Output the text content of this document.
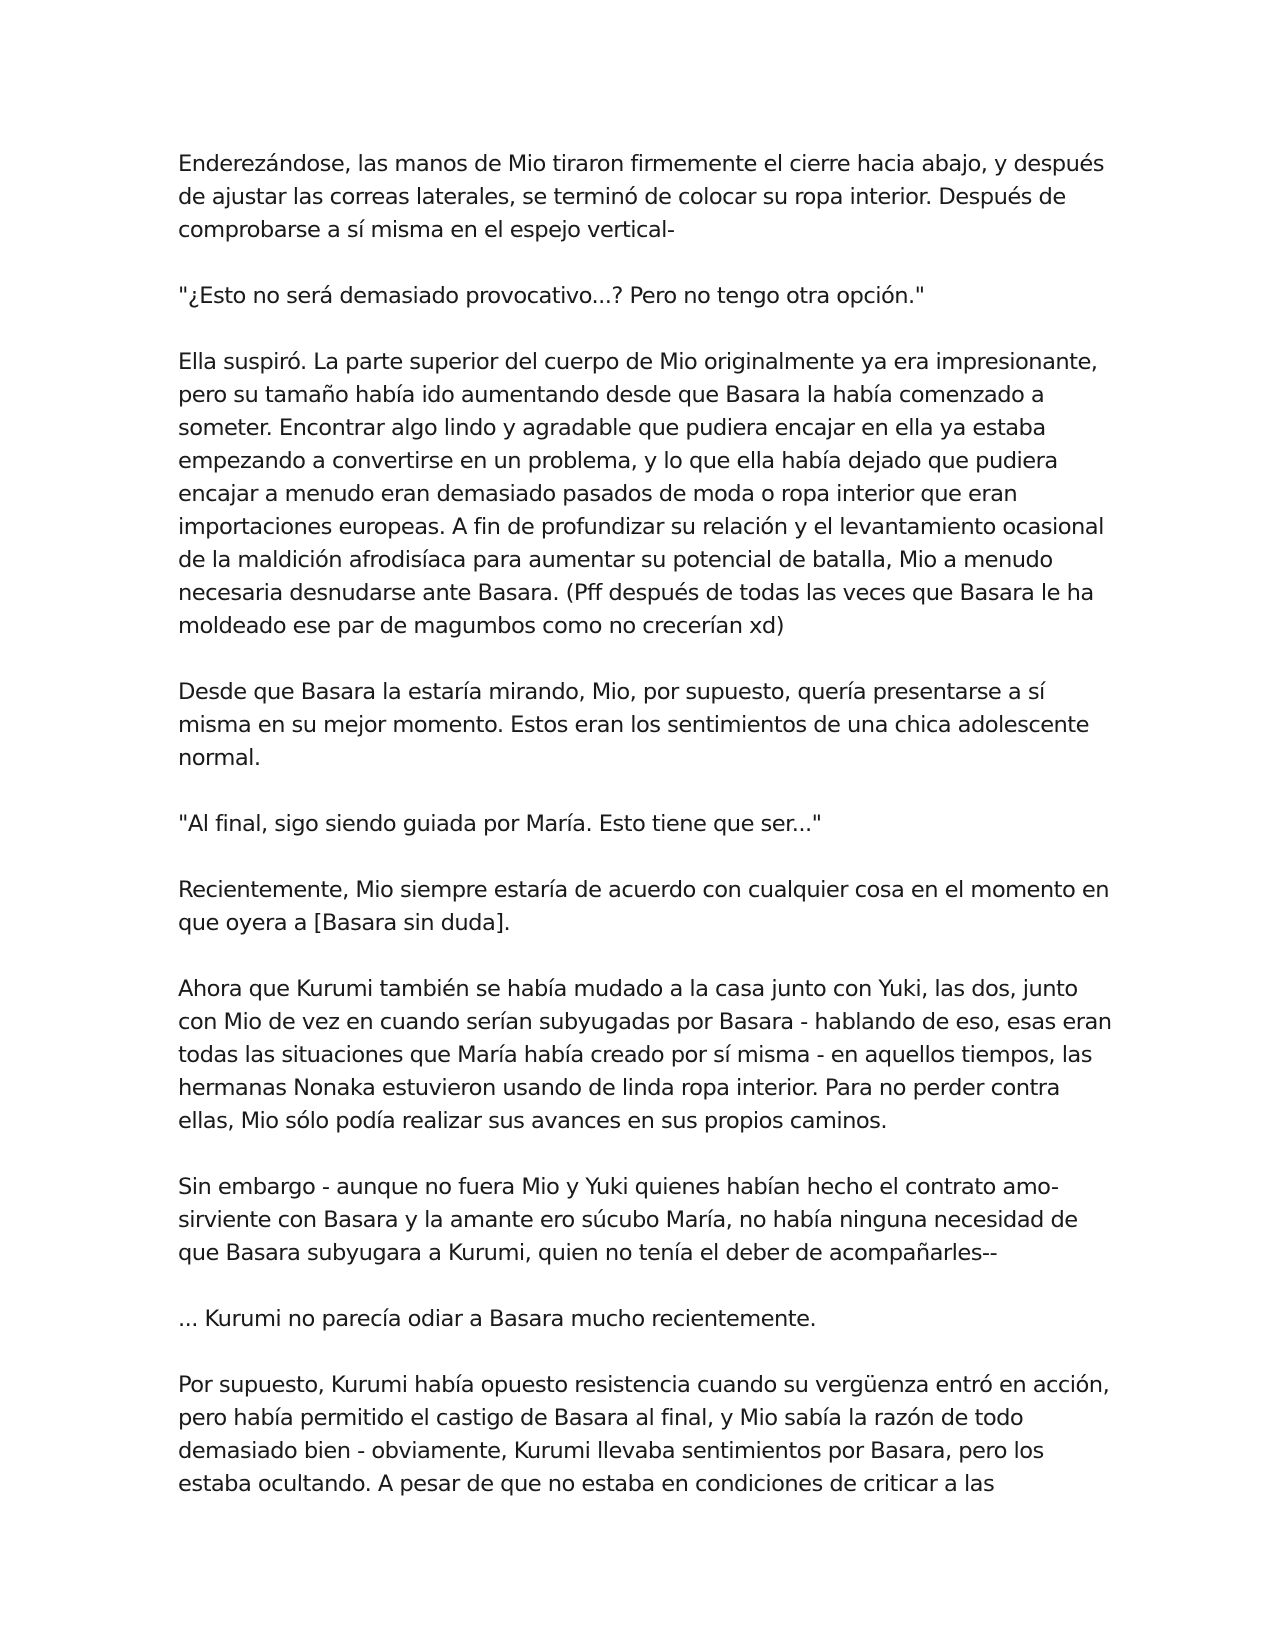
Enderezándose, las manos de Mio tiraron firmemente el cierre hacia abajo, y después de ajustar las correas laterales, se terminó de colocar su ropa interior. Después de comprobarse a sí misma en el espejo vertical-

"¿Esto no será demasiado provocativo...? Pero no tengo otra opción."

Ella suspiró. La parte superior del cuerpo de Mio originalmente ya era impresionante, pero su tamaño había ido aumentando desde que Basara la había comenzado a someter. Encontrar algo lindo y agradable que pudiera encajar en ella ya estaba empezando a convertirse en un problema, y lo que ella había dejado que pudiera encajar a menudo eran demasiado pasados de moda o ropa interior que eran importaciones europeas. A fin de profundizar su relación y el levantamiento ocasional de la maldición afrodisíaca para aumentar su potencial de batalla, Mio a menudo necesaria desnudarse ante Basara. (Pff después de todas las veces que Basara le ha moldeado ese par de magumbos como no crecerían xd)

Desde que Basara la estaría mirando, Mio, por supuesto, quería presentarse a sí misma en su mejor momento. Estos eran los sentimientos de una chica adolescente normal.

"Al final, sigo siendo guiada por María. Esto tiene que ser..."

Recientemente, Mio siempre estaría de acuerdo con cualquier cosa en el momento en que oyera a [Basara sin duda].

Ahora que Kurumi también se había mudado a la casa junto con Yuki, las dos, junto con Mio de vez en cuando serían subyugadas por Basara - hablando de eso, esas eran todas las situaciones que María había creado por sí misma - en aquellos tiempos, las hermanas Nonaka estuvieron usando de linda ropa interior. Para no perder contra ellas, Mio sólo podía realizar sus avances en sus propios caminos.

Sin embargo - aunque no fuera Mio y Yuki quienes habían hecho el contrato amo-sirviente con Basara y la amante ero súcubo María, no había ninguna necesidad de que Basara subyugara a Kurumi, quien no tenía el deber de acompañarles--

... Kurumi no parecía odiar a Basara mucho recientemente.

Por supuesto, Kurumi había opuesto resistencia cuando su vergüenza entró en acción, pero había permitido el castigo de Basara al final, y Mio sabía la razón de todo demasiado bien - obviamente, Kurumi llevaba sentimientos por Basara, pero los estaba ocultando. A pesar de que no estaba en condiciones de criticar a las
